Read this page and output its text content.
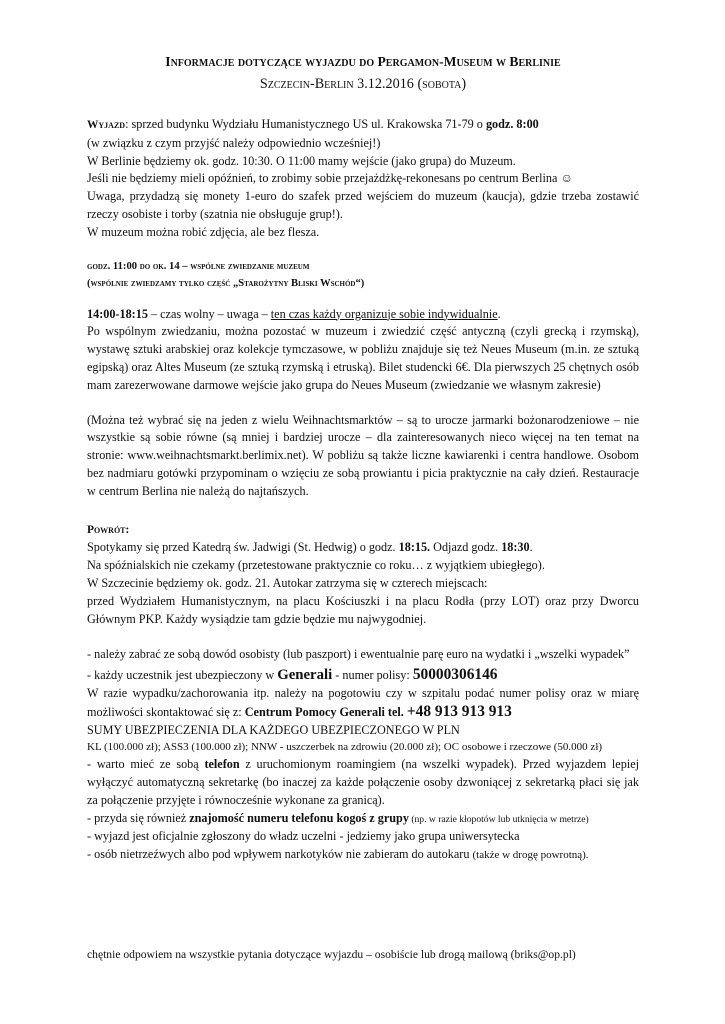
Informacje dotyczące wyjazdu do Pergamon-Museum w Berlinie
Szczecin-Berlin 3.12.2016 (sobota)

Wyjazd: sprzed budynku Wydziału Humanistycznego US ul. Krakowska 71-79 o godz. 8:00

(w związku z czym przyjść należy odpowiednio wcześniej!)

W Berlinie będziemy ok. godz. 10:30. O 11:00 mamy wejście (jako grupa) do Muzeum.

Jeśli nie będziemy mieli opóźnień, to zrobimy sobie przejażdżkę-rekonesans po centrum Berlina ☺

Uwaga, przydadzą się monety 1-euro do szafek przed wejściem do muzeum (kaucja), gdzie trzeba zostawić rzeczy osobiste i torby (szatnia nie obsługuje grup!).

W muzeum można robić zdjęcia, ale bez flesza.

godz. 11:00 do ok. 14 – wspólne zwiedzanie muzeum

(wspólnie zwiedzamy tylko część „Starożytny Bliski Wschód“)

14:00-18:15 – czas wolny – uwaga – ten czas każdy organizuje sobie indywidualnie.

Po wspólnym zwiedzaniu, można pozostać w muzeum i zwiedzić część antyczną (czyli grecką i rzymską), wystawę sztuki arabskiej oraz kolekcje tymczasowe, w pobliżu znajduje się też Neues Museum (m.in. ze sztuką egipską) oraz Altes Museum (ze sztuką rzymską i etruską). Bilet studencki 6€. Dla pierwszych 25 chętnych osób mam zarezerwowane darmowe wejście jako grupa do Neues Museum (zwiedzanie we własnym zakresie)

(Można też wybrać się na jeden z wielu Weihnachtsmarktów – są to urocze jarmarki bożonarodzeniowe – nie wszystkie są sobie równe (są mniej i bardziej urocze – dla zainteresowanych nieco więcej na ten temat na stronie: www.weihnachtsmarkt.berlimix.net). W pobliżu są także liczne kawiarenki i centra handlowe. Osobom bez nadmiaru gotówki przypominam o wzięciu ze sobą prowiantu i picia praktycznie na cały dzień. Restauracje w centrum Berlina nie należą do najtańszych.

Powrót:

Spotykamy się przed Katedrą św. Jadwigi (St. Hedwig) o godz. 18:15. Odjazd godz. 18:30.

Na spóźnialskich nie czekamy (przetestowane praktycznie co roku… z wyjątkiem ubiegłego).

W Szczecinie będziemy ok. godz. 21. Autokar zatrzyma się w czterech miejscach:

przed Wydziałem Humanistycznym, na placu Kościuszki i na placu Rodła (przy LOT) oraz przy Dworcu Głównym PKP. Każdy wysiądzie tam gdzie będzie mu najwygodniej.

- należy zabrać ze sobą dowód osobisty (lub paszport) i ewentualnie parę euro na wydatki i „wszelki wypadek”

- każdy uczestnik jest ubezpieczony w Generali - numer polisy: 50000306146

W razie wypadku/zachorowania itp. należy na pogotowiu czy w szpitalu podać numer polisy oraz w miarę możliwości skontaktować się z: Centrum Pomocy Generali tel. +48 913 913 913

SUMY UBEZPIECZENIA DLA KAŻDEGO UBEZPIECZONEGO W PLN

KL (100.000 zł); ASS3 (100.000 zł); NNW - uszczerbek na zdrowiu (20.000 zł); OC osobowe i rzeczowe (50.000 zł)

- warto mieć ze sobą telefon z uruchomionym roamingiem (na wszelki wypadek). Przed wyjazdem lepiej wyłączyć automatyczną sekretarkę (bo inaczej za każde połączenie osoby dzwoniącej z sekretarką płaci się jak za połączenie przyjęte i równocześnie wykonane za granicą).

- przyda się również znajomość numeru telefonu kogoś z grupy (np. w razie kłopotów lub utknięcia w metrze)

- wyjazd jest oficjalnie zgłoszony do władz uczelni - jedziemy jako grupa uniwersytecka

- osób nietrzeźwych albo pod wpływem narkotyków nie zabieram do autokaru (także w drogę powrotną).

chętnie odpowiem na wszystkie pytania dotyczące wyjazdu – osobiście lub drogą mailową (briks@op.pl)
